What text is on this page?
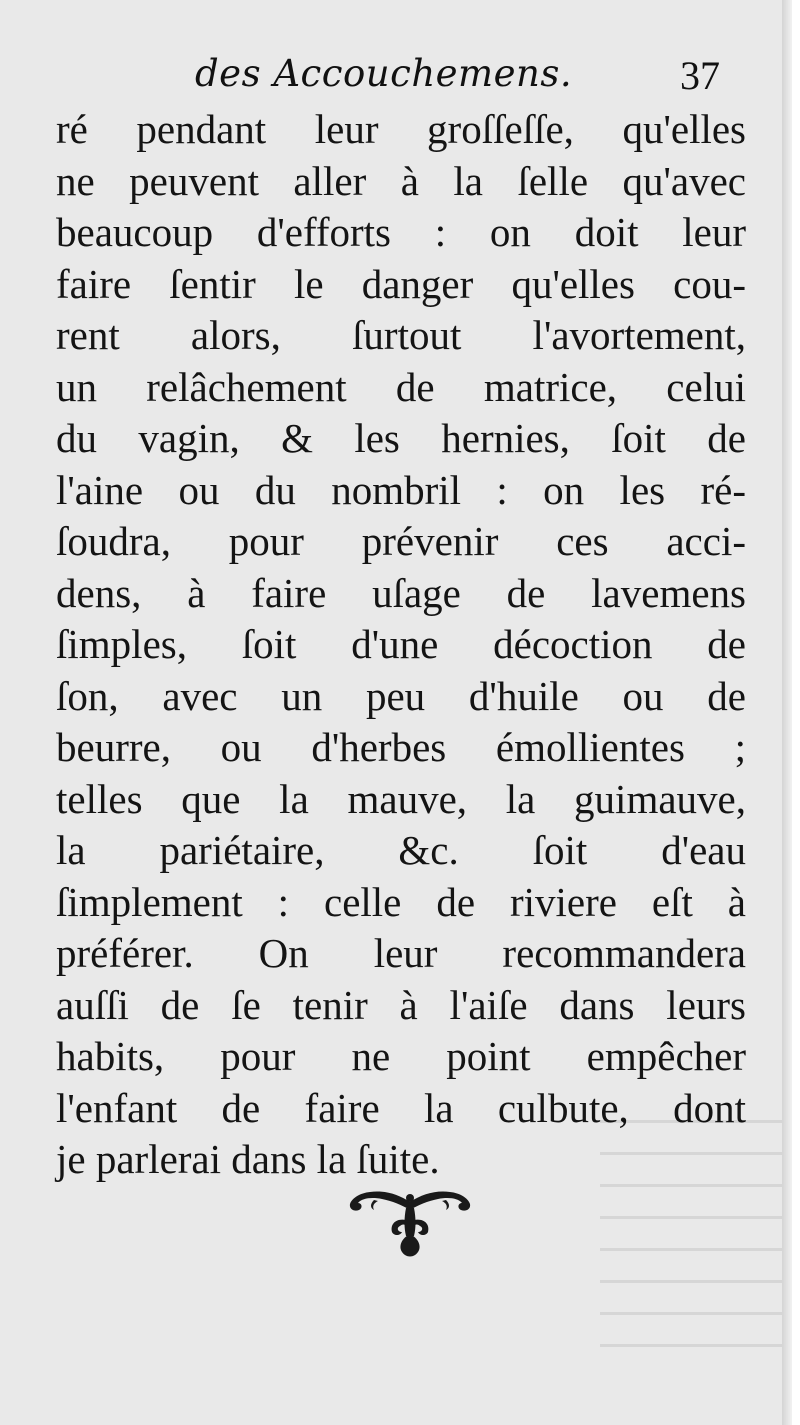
des Accouchemens.	37
ré pendant leur groſſeſſe, qu'elles
ne peuvent aller à la ſelle qu'avec
beaucoup d'efforts : on doit leur
faire ſentir le danger qu'elles cou-
rent alors, ſurtout l'avortement,
un relâchement de matrice, celui
du vagin, & les hernies, ſoit de
l'aine ou du nombril : on les ré-
ſoudra, pour prévenir ces acci-
dens, à faire uſage de lavemens
ſimples, ſoit d'une décoction de
ſon, avec un peu d'huile ou de
beurre, ou d'herbes émollientes ;
telles que la mauve, la guimauve,
la pariétaire, &c. ſoit d'eau
ſimplement : celle de riviere eſt à
préférer. On leur recommandera
auſſi de ſe tenir à l'aiſe dans leurs
habits, pour ne point empêcher
l'enfant de faire la culbute, dont
je parlerai dans la ſuite.
